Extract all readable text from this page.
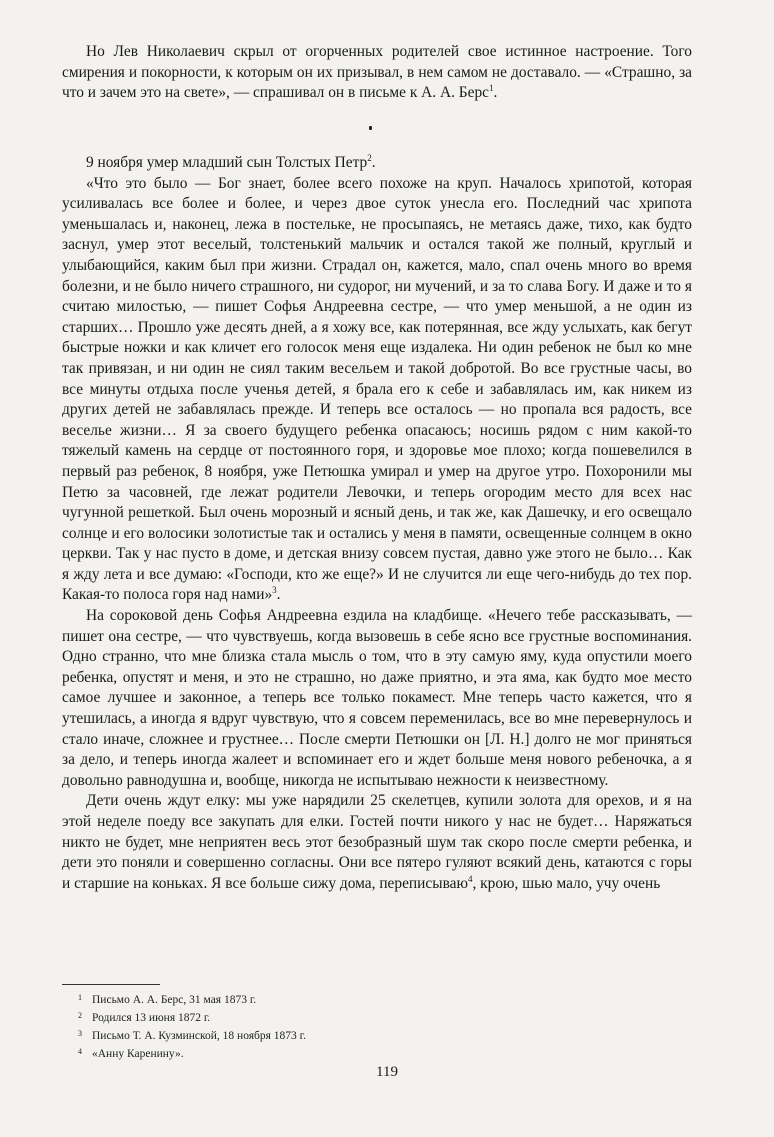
Но Лев Николаевич скрыл от огорченных родителей свое истинное настроение. Того смирения и покорности, к которым он их призывал, в нем самом не доставало. — «Страшно, за что и зачем это на свете», — спрашивал он в письме к А. А. Берс$^1$.

9 ноября умер младший сын Толстых Петр$^2$.

«Что это было — Бог знает, более всего похоже на круп. Началось хрипотой, которая усиливалась все более и более, и через двое суток унесла его. Последний час хрипота уменьшалась и, наконец, лежа в постельке, не просыпаясь, не метаясь даже, тихо, как будто заснул, умер этот веселый, толстенький мальчик и остался такой же полный, круглый и улыбающийся, каким был при жизни. Страдал он, кажется, мало, спал очень много во время болезни, и не было ничего страшного, ни судорог, ни мучений, и за то слава Богу. И даже и то я считаю милостью, — пишет Софья Андреевна сестре, — что умер меньшой, а не один из старших… Прошло уже десять дней, а я хожу все, как потерянная, все жду услыхать, как бегут быстрые ножки и как кличет его голосок меня еще издалека. Ни один ребенок не был ко мне так привязан, и ни один не сиял таким весельем и такой добротой. Во все грустные часы, во все минуты отдыха после ученья детей, я брала его к себе и забавлялась им, как никем из других детей не забавлялась прежде. И теперь все осталось — но пропала вся радость, все веселье жизни… Я за своего будущего ребенка опасаюсь; носишь рядом с ним какой-то тяжелый камень на сердце от постоянного горя, и здоровье мое плохо; когда пошевелился в первый раз ребенок, 8 ноября, уже Петюшка умирал и умер на другое утро. Похоронили мы Петю за часовней, где лежат родители Левочки, и теперь огородим место для всех нас чугунной решеткой. Был очень морозный и ясный день, и так же, как Дашечку, и его освещало солнце и его волосики золотистые так и остались у меня в памяти, освещенные солнцем в окно церкви. Так у нас пусто в доме, и детская внизу совсем пустая, давно уже этого не было… Как я жду лета и все думаю: «Господи, кто же еще?» И не случится ли еще чего-нибудь до тех пор. Какая-то полоса горя над нами»$^3$.

На сороковой день Софья Андреевна ездила на кладбище. «Нечего тебе рассказывать, — пишет она сестре, — что чувствуешь, когда вызовешь в себе ясно все грустные воспоминания. Одно странно, что мне близка стала мысль о том, что в эту самую яму, куда опустили моего ребенка, опустят и меня, и это не страшно, но даже приятно, и эта яма, как будто мое место самое лучшее и законное, а теперь все только покамест. Мне теперь часто кажется, что я утешилась, а иногда я вдруг чувствую, что я совсем переменилась, все во мне перевернулось и стало иначе, сложнее и грустнее… После смерти Петюшки он [Л. Н.] долго не мог приняться за дело, и теперь иногда жалеет и вспоминает его и ждет больше меня нового ребеночка, а я довольно равнодушна и, вообще, никогда не испытываю нежности к неизвестному.

Дети очень ждут елку: мы уже нарядили 25 скелетцев, купили золота для орехов, и я на этой неделе поеду все закупать для елки. Гостей почти никого у нас не будет… Наряжаться никто не будет, мне неприятен весь этот безобразный шум так скоро после смерти ребенка, и дети это поняли и совершенно согласны. Они все пятеро гуляют всякий день, катаются с горы и старшие на коньках. Я все больше сижу дома, переписываю$^4$, крою, шью мало, учу очень

1 Письмо А. А. Берс, 31 мая 1873 г.

2 Родился 13 июня 1872 г.

3 Письмо Т. А. Кузминской, 18 ноября 1873 г.

4 «Анну Каренину».

119
